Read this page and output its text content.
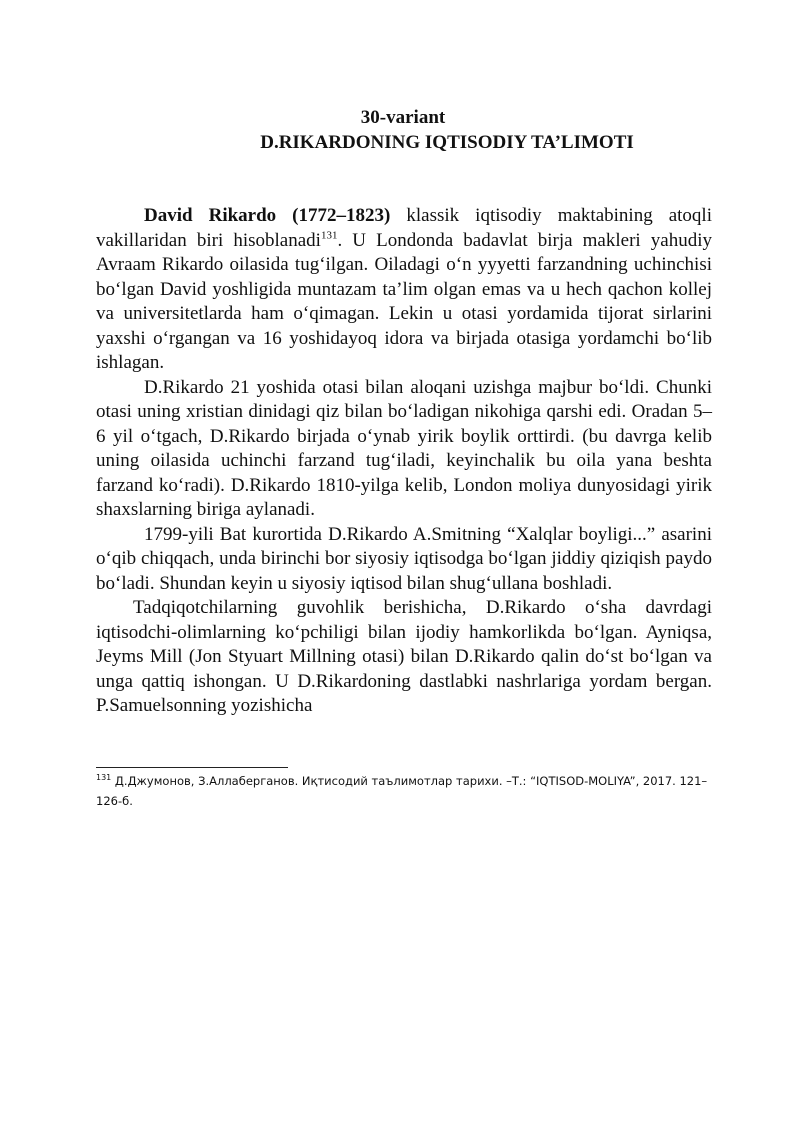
30-variant
D.RIKARDONING IQTISODIY TA’LIMOTI

David Rikardo (1772–1823) klassik iqtisodiy maktabining atoqli vakillaridan biri hisoblanadi$^{131}$. U Londonda badavlat birja makleri yahudiy Avraam Rikardo oilasida tug‘ilgan. Oiladagi o‘n yyyetti farzandning uchinchisi bo‘lgan David yoshligida muntazam ta’lim olgan emas va u hech qachon kollej va universitetlarda ham o‘qimagan. Lekin u otasi yordamida tijorat sirlarini yaxshi o‘rgangan va 16 yoshidayoq idora va birjada otasiga yordamchi bo‘lib ishlagan.

D.Rikardo 21 yoshida otasi bilan aloqani uzishga majbur bo‘ldi. Chunki otasi uning xristian dinidagi qiz bilan bo‘ladigan nikohiga qarshi edi. Oradan 5–6 yil o‘tgach, D.Rikardo birjada o‘ynab yirik boylik orttirdi. (bu davrga kelib uning oilasida uchinchi farzand tug‘iladi, keyinchalik bu oila yana beshta farzand ko‘radi). D.Rikardo 1810-yilga kelib, London moliya dunyosidagi yirik shaxslarning biriga aylanadi.

1799-yili Bat kurortida D.Rikardo A.Smitning “Xalqlar boyligi...” asarini o‘qib chiqqach, unda birinchi bor siyosiy iqtisodga bo‘lgan jiddiy qiziqish paydo bo‘ladi. Shundan keyin u siyosiy iqtisod bilan shug‘ullana boshladi.

Tadqiqotchilarning guvohlik berishicha, D.Rikardo o‘sha davrdagi iqtisodchi-olimlarning ko‘pchiligi bilan ijodiy hamkorlikda bo‘lgan. Ayniqsa, Jeyms Mill (Jon Styuart Millning otasi) bilan D.Rikardo qalin do‘st bo‘lgan va unga qattiq ishongan. U D.Rikardoning dastlabki nashrlariga yordam bergan. P.Samuelsonning yozishicha

$^{131}$ Д.Джумонов, З.Аллаберганов. Иқтисодий таълимотлар тарихи. –Т.: “IQTISOD-MOLIYA”, 2017. 121–126-б.
